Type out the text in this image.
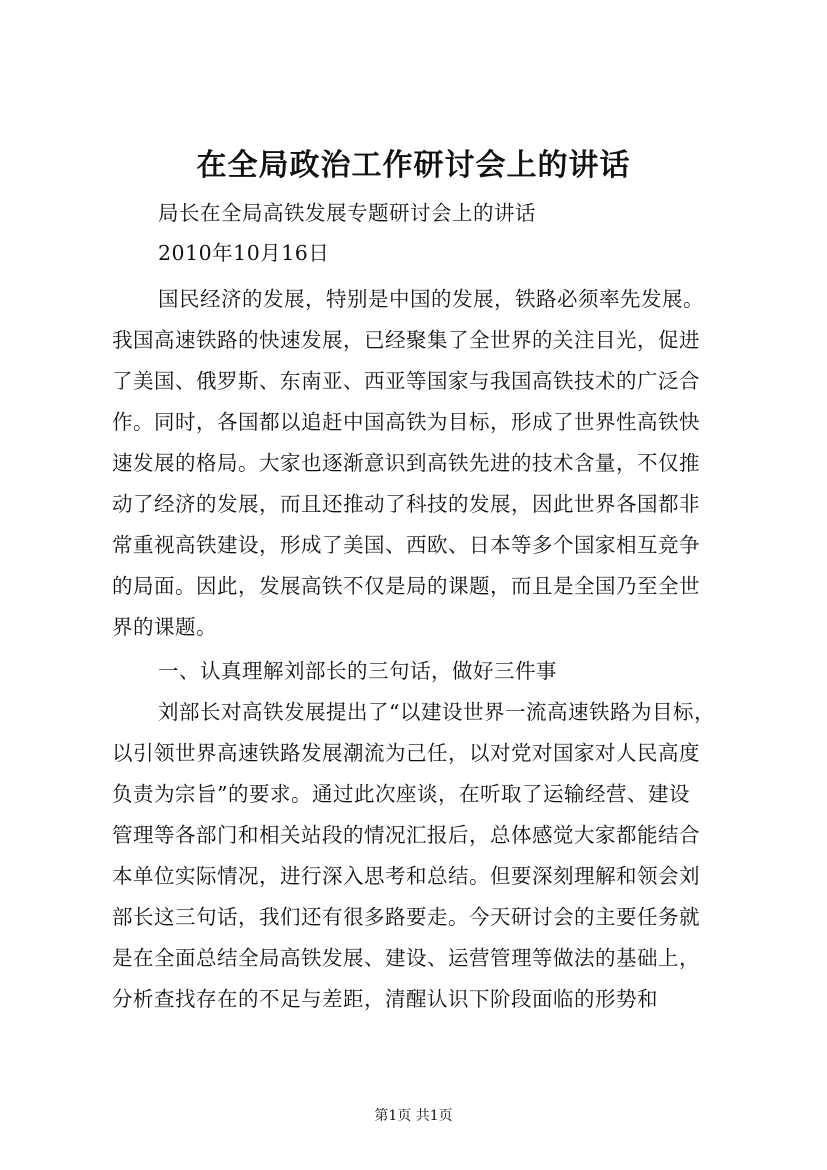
在全局政治工作研讨会上的讲话
局长在全局高铁发展专题研讨会上的讲话
2010年10月16日
国民经济的发展，特别是中国的发展，铁路必须率先发展。
我国高速铁路的快速发展，已经聚集了全世界的关注目光，促进
了美国、俄罗斯、东南亚、西亚等国家与我国高铁技术的广泛合
作。同时，各国都以追赶中国高铁为目标，形成了世界性高铁快
速发展的格局。大家也逐渐意识到高铁先进的技术含量，不仅推
动了经济的发展，而且还推动了科技的发展，因此世界各国都非
常重视高铁建设，形成了美国、西欧、日本等多个国家相互竞争
的局面。因此，发展高铁不仅是局的课题，而且是全国乃至全世
界的课题。
一、认真理解刘部长的三句话，做好三件事
刘部长对高铁发展提出了“以建设世界一流高速铁路为目标，
以引领世界高速铁路发展潮流为己任，以对党对国家对人民高度
负责为宗旨”的要求。通过此次座谈，在听取了运输经营、建设
管理等各部门和相关站段的情况汇报后，总体感觉大家都能结合
本单位实际情况，进行深入思考和总结。但要深刻理解和领会刘
部长这三句话，我们还有很多路要走。今天研讨会的主要任务就
是在全面总结全局高铁发展、建设、运营管理等做法的基础上，
分析查找存在的不足与差距，清醒认识下阶段面临的形势和
第1页 共1页
